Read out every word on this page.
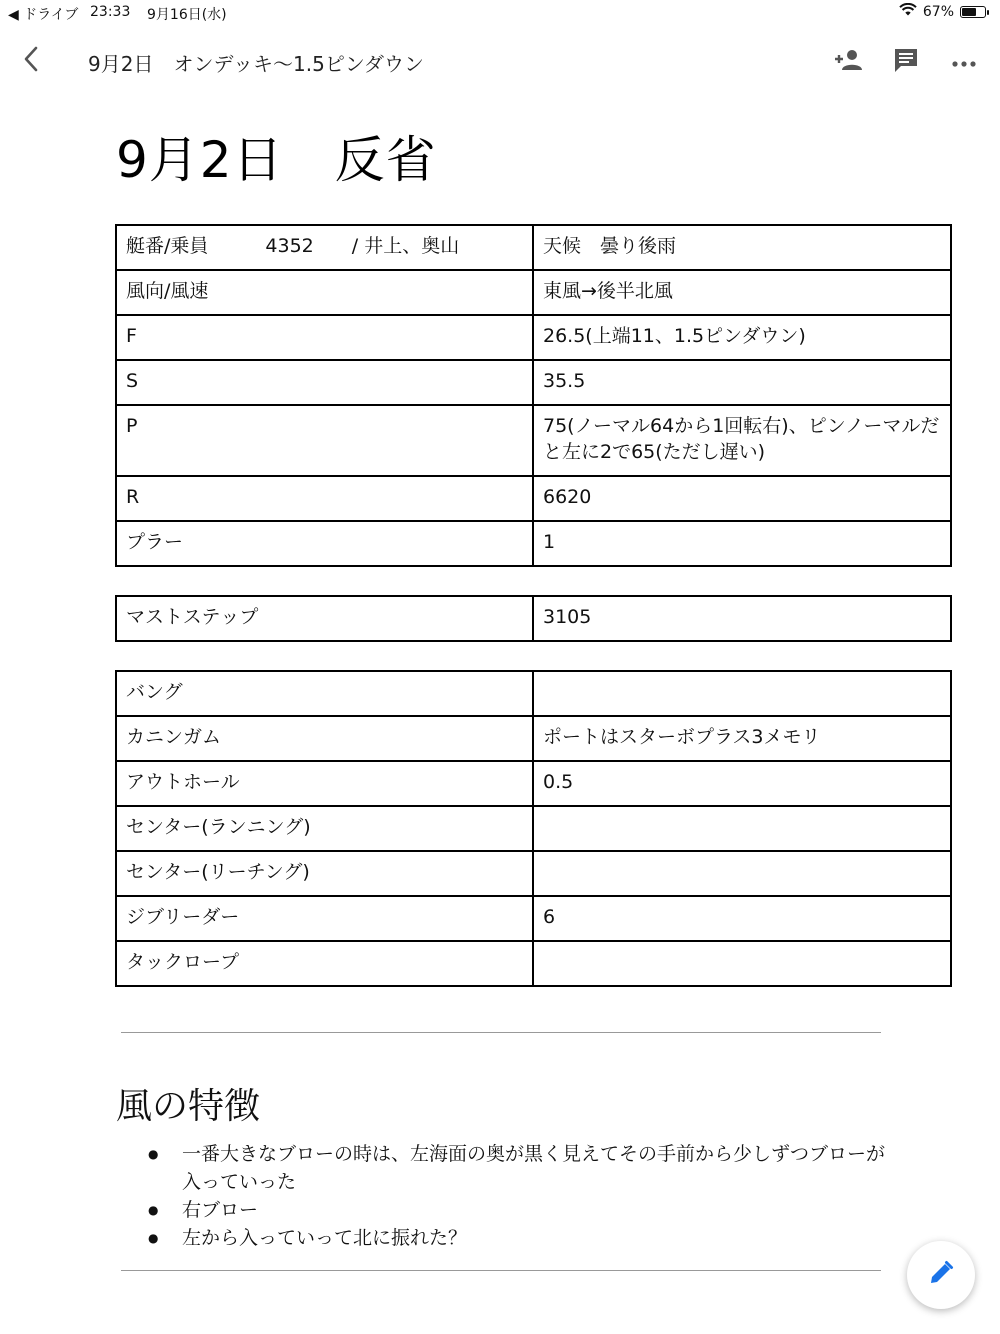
◀ ドライブ 23:33 9月16日(水)	67%
9月2日　オンデッキ〜1.5ピンダウン
9月2日　反省
艇番/乗員　　　4352　　/ 井上、奥山	天候　曇り後雨
風向/風速	東風→後半北風
F	26.5(上端11、1.5ピンダウン)
S	35.5
P	75(ノーマル64から1回転右)、ピンノーマルだと左に2で65(ただし遅い)
R	6620
プラー	1
マストステップ	3105
バング	
カニンガム	ポートはスターボプラス3メモリ
アウトホール	0.5
センター(ランニング)	
センター(リーチング)	
ジブリーダー	6
タックロープ	
風の特徴
● 一番大きなブローの時は、左海面の奥が黒く見えてその手前から少しずつブローが入っていった
● 右ブロー
● 左から入っていって北に振れた？
